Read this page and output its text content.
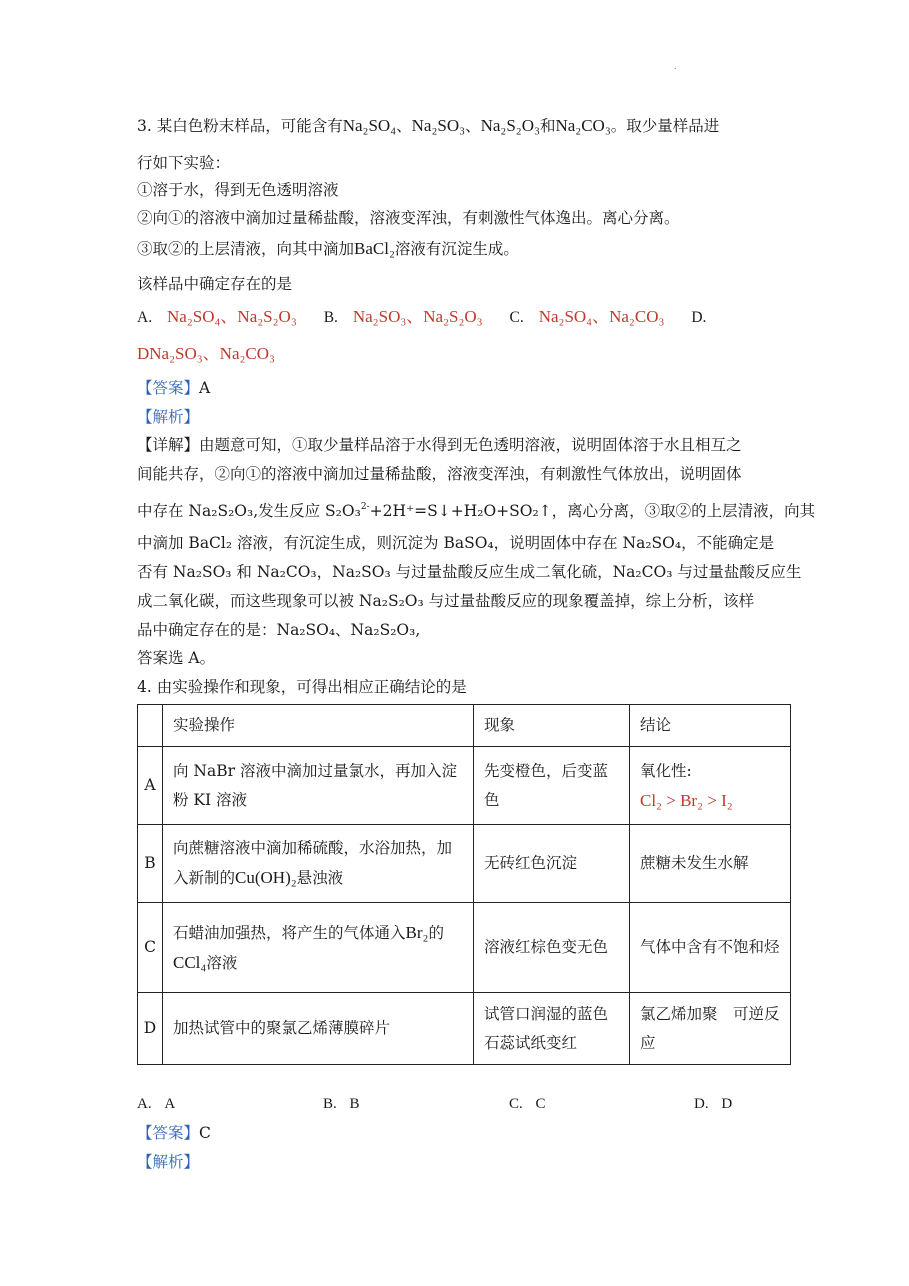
.
3. 某白色粉末样品，可能含有Na₂SO₄、Na₂SO₃、Na₂S₂O₃和Na₂CO₃。取少量样品进
行如下实验：
①溶于水，得到无色透明溶液
②向①的溶液中滴加过量稀盐酸，溶液变浑浊，有刺激性气体逸出。离心分离。
③取②的上层清液，向其中滴加BaCl₂溶液有沉淀生成。
该样品中确定存在的是
A. Na₂SO₄、Na₂S₂O₃ B. Na₂SO₃、Na₂S₂O₃ C. Na₂SO₄、Na₂CO₃ D.
DNa₂SO₃、Na₂CO₃
【答案】A
【解析】
【详解】由题意可知，①取少量样品溶于水得到无色透明溶液，说明固体溶于水且相互之
间能共存，②向①的溶液中滴加过量稀盐酸，溶液变浑浊，有刺激性气体放出，说明固体
中存在 Na₂S₂O₃,发生反应 S₂O₃$^{2-}$+2H⁺=S↓+H₂O+SO₂↑，离心分离，③取②的上层清液，向其
中滴加 BaCl₂ 溶液，有沉淀生成，则沉淀为 BaSO₄，说明固体中存在 Na₂SO₄，不能确定是
否有 Na₂SO₃ 和 Na₂CO₃，Na₂SO₃ 与过量盐酸反应生成二氧化硫，Na₂CO₃ 与过量盐酸反应生
成二氧化碳，而这些现象可以被 Na₂S₂O₃ 与过量盐酸反应的现象覆盖掉，综上分析，该样
品中确定存在的是：Na₂SO₄、Na₂S₂O₃,
答案选 A。
4. 由实验操作和现象，可得出相应正确结论的是
	实验操作	现象	结论
A	向 NaBr 溶液中滴加过量氯水，再加入淀粉 KI 溶液	先变橙色，后变蓝色	氧化性:
Cl₂ > Br₂ > I₂

B	向蔗糖溶液中滴加稀硫酸，水浴加热，加入新制的Cu(OH)₂悬浊液	无砖红色沉淀	蔗糖未发生水解
C	石蜡油加强热，将产生的气体通入Br₂的
CCl₄溶液	溶液红棕色变无色	气体中含有不饱和烃
D	加热试管中的聚氯乙烯薄膜碎片	试管口润湿的蓝色石蕊试纸变红	氯乙烯加聚　可逆反应
A. A	B. B	C. C	D. D
【答案】C
【解析】
